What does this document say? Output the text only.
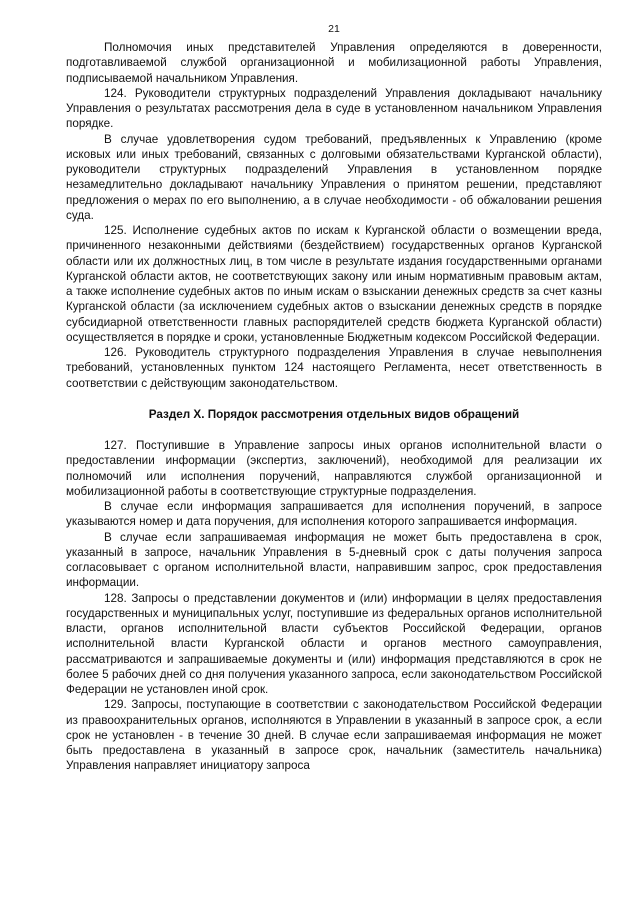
21

Полномочия иных представителей Управления определяются в доверенности, подготавливаемой службой организационной и мобилизационной работы Управления, подписываемой начальником Управления.

124. Руководители структурных подразделений Управления докладывают начальнику Управления о результатах рассмотрения дела в суде в установленном начальником Управления порядке.

В случае удовлетворения судом требований, предъявленных к Управлению (кроме исковых или иных требований, связанных с долговыми обязательствами Курганской области), руководители структурных подразделений Управления в установленном порядке незамедлительно докладывают начальнику Управления о принятом решении, представляют предложения о мерах по его выполнению, а в случае необходимости - об обжаловании решения суда.

125. Исполнение судебных актов по искам к Курганской области о возмещении вреда, причиненного незаконными действиями (бездействием) государственных органов Курганской области или их должностных лиц, в том числе в результате издания государственными органами Курганской области актов, не соответствующих закону или иным нормативным правовым актам, а также исполнение судебных актов по иным искам о взыскании денежных средств за счет казны Курганской области (за исключением судебных актов о взыскании денежных средств в порядке субсидиарной ответственности главных распорядителей средств бюджета Курганской области) осуществляется в порядке и сроки, установленные Бюджетным кодексом Российской Федерации.

126. Руководитель структурного подразделения Управления в случае невыполнения требований, установленных пунктом 124 настоящего Регламента, несет ответственность в соответствии с действующим законодательством.

Раздел X. Порядок рассмотрения отдельных видов обращений

127. Поступившие в Управление запросы иных органов исполнительной власти о предоставлении информации (экспертиз, заключений), необходимой для реализации их полномочий или исполнения поручений, направляются службой организационной и мобилизационной работы в соответствующие структурные подразделения.

В случае если информация запрашивается для исполнения поручений, в запросе указываются номер и дата поручения, для исполнения которого запрашивается информация.

В случае если запрашиваемая информация не может быть предоставлена в срок, указанный в запросе, начальник Управления в 5-дневный срок с даты получения запроса согласовывает с органом исполнительной власти, направившим запрос, срок предоставления информации.

128. Запросы о представлении документов и (или) информации в целях предоставления государственных и муниципальных услуг, поступившие из федеральных органов исполнительной власти, органов исполнительной власти субъектов Российской Федерации, органов исполнительной власти Курганской области и органов местного самоуправления, рассматриваются и запрашиваемые документы и (или) информация представляются в срок не более 5 рабочих дней со дня получения указанного запроса, если законодательством Российской Федерации не установлен иной срок.

129. Запросы, поступающие в соответствии с законодательством Российской Федерации из правоохранительных органов, исполняются в Управлении в указанный в запросе срок, а если срок не установлен - в течение 30 дней. В случае если запрашиваемая информация не может быть предоставлена в указанный в запросе срок, начальник (заместитель начальника) Управления направляет инициатору запроса
